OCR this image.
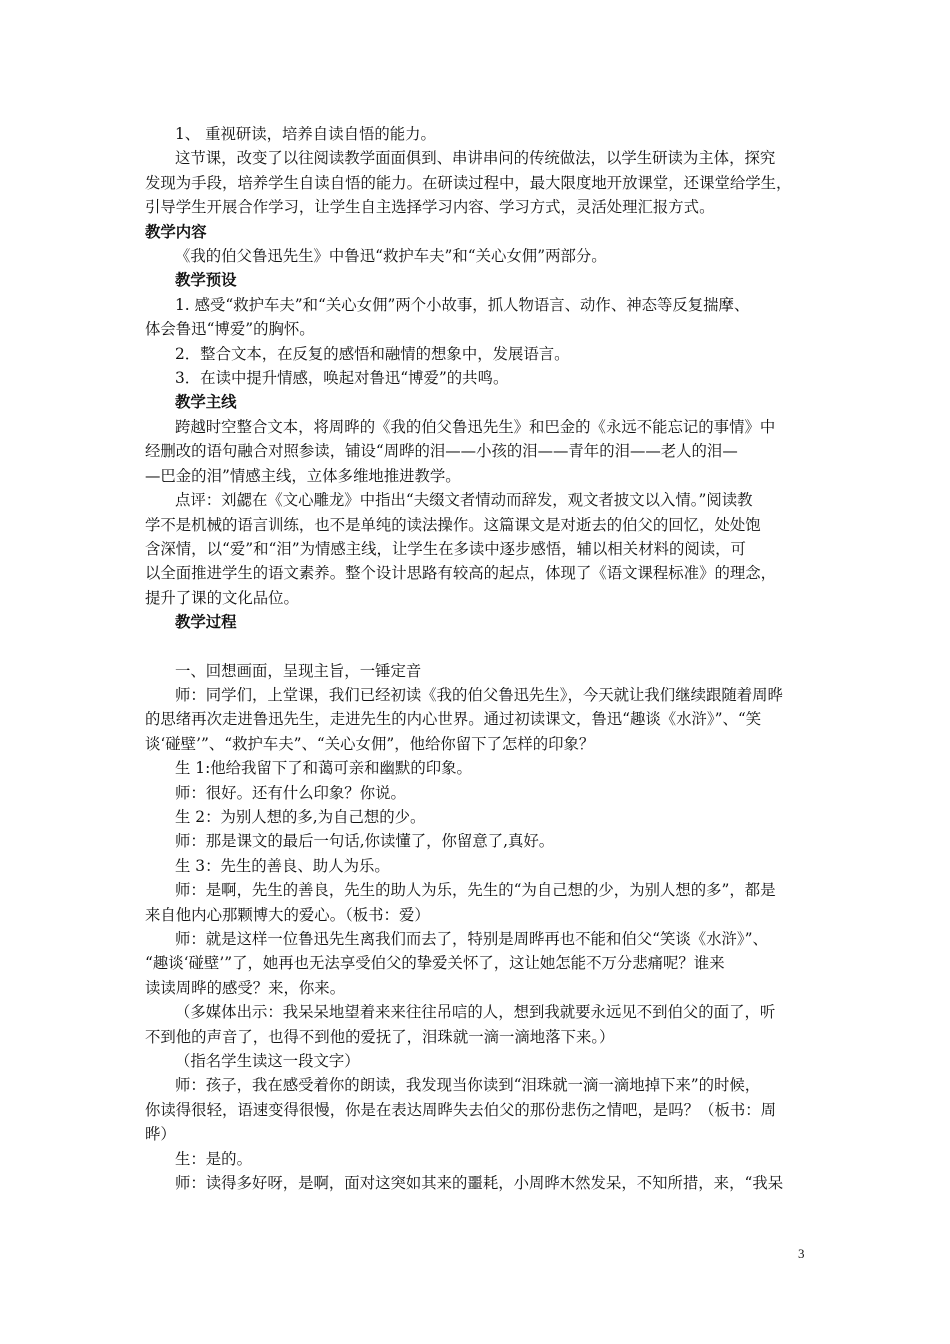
1、 重视研读，培养自读自悟的能力。
这节课，改变了以往阅读教学面面俱到、串讲串问的传统做法，以学生研读为主体，探究
发现为手段，培养学生自读自悟的能力。在研读过程中，最大限度地开放课堂，还课堂给学生，
引导学生开展合作学习，让学生自主选择学习内容、学习方式，灵活处理汇报方式。
教学内容
《我的伯父鲁迅先生》中鲁迅“救护车夫”和“关心女佣”两部分。
教学预设
1. 感受“救护车夫”和“关心女佣”两个小故事，抓人物语言、动作、神态等反复揣摩、
体会鲁迅“博爱”的胸怀。
2．整合文本，在反复的感悟和融情的想象中，发展语言。
3．在读中提升情感，唤起对鲁迅“博爱”的共鸣。
教学主线
跨越时空整合文本，将周晔的《我的伯父鲁迅先生》和巴金的《永远不能忘记的事情》中
经删改的语句融合对照参读，铺设“周晔的泪——小孩的泪——青年的泪——老人的泪—
—巴金的泪”情感主线，立体多维地推进教学。
点评：刘勰在《文心雕龙》中指出“夫缀文者情动而辞发，观文者披文以入情。”阅读教
学不是机械的语言训练，也不是单纯的读法操作。这篇课文是对逝去的伯父的回忆，处处饱
含深情，以“爱”和“泪”为情感主线，让学生在多读中逐步感悟，辅以相关材料的阅读，可
以全面推进学生的语文素养。整个设计思路有较高的起点，体现了《语文课程标准》的理念，
提升了课的文化品位。
教学过程
一、回想画面，呈现主旨，一锤定音
师：同学们，上堂课，我们已经初读《我的伯父鲁迅先生》，今天就让我们继续跟随着周晔
的思绪再次走进鲁迅先生，走进先生的内心世界。通过初读课文，鲁迅“趣谈《水浒》”、“笑
谈‘碰壁’”、“救护车夫”、“关心女佣”，他给你留下了怎样的印象？
生 1:他给我留下了和蔼可亲和幽默的印象。
师：很好。还有什么印象？你说。
生 2：为别人想的多,为自己想的少。
师：那是课文的最后一句话,你读懂了，你留意了,真好。
生 3：先生的善良、助人为乐。
师：是啊，先生的善良，先生的助人为乐，先生的“为自己想的少，为别人想的多”，都是
来自他内心那颗博大的爱心。（板书：爱）
师：就是这样一位鲁迅先生离我们而去了，特别是周晔再也不能和伯父“笑谈《水浒》”、
“趣谈‘碰壁’”了，她再也无法享受伯父的挚爱关怀了，这让她怎能不万分悲痛呢？谁来
读读周晔的感受？来，你来。
（多媒体出示：我呆呆地望着来来往往吊唁的人，想到我就要永远见不到伯父的面了，听
不到他的声音了，也得不到他的爱抚了，泪珠就一滴一滴地落下来。）
（指名学生读这一段文字）
师：孩子，我在感受着你的朗读，我发现当你读到“泪珠就一滴一滴地掉下来”的时候，
你读得很轻，语速变得很慢，你是在表达周晔失去伯父的那份悲伤之情吧，是吗？（板书：周
晔）
生：是的。
师：读得多好呀，是啊，面对这突如其来的噩耗，小周晔木然发呆，不知所措，来，“我呆
3
